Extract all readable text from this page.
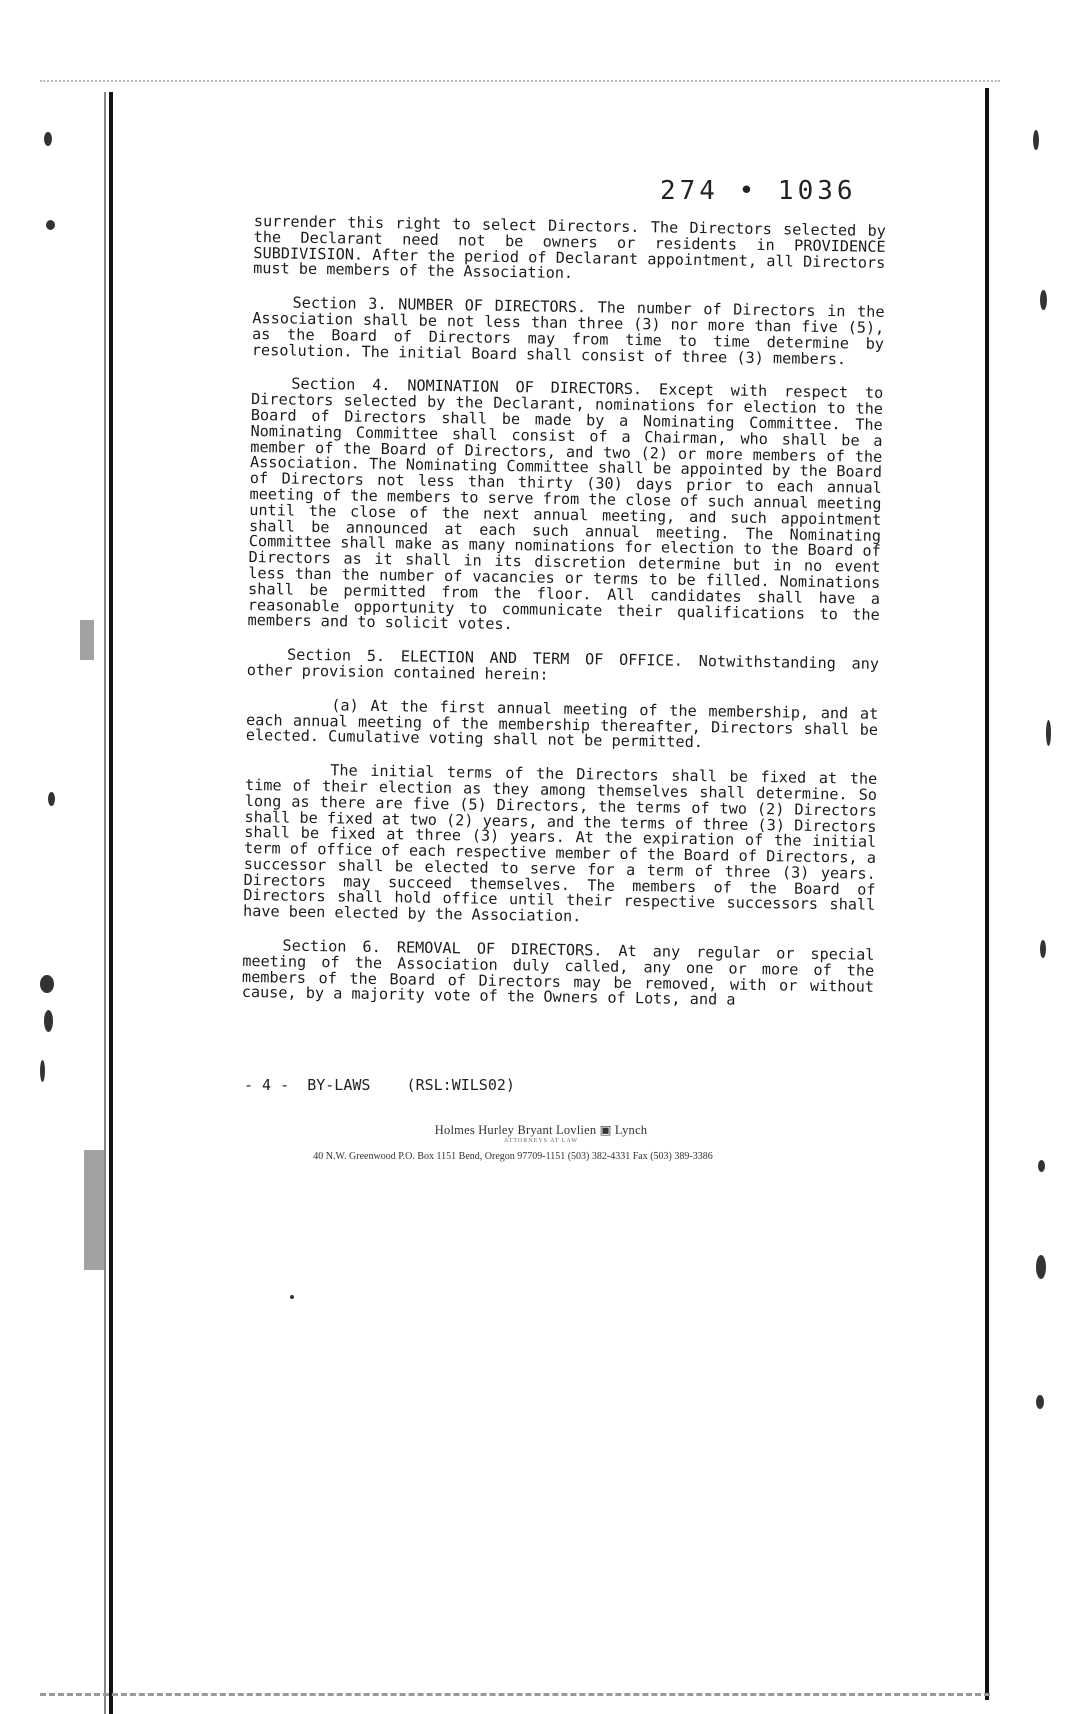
274 • 1036

surrender this right to select Directors. The Directors selected by the Declarant need not be owners or residents in PROVIDENCE SUBDIVISION. After the period of Declarant appointment, all Directors must be members of the Association.

Section 3. NUMBER OF DIRECTORS. The number of Directors in the Association shall be not less than three (3) nor more than five (5), as the Board of Directors may from time to time determine by resolution. The initial Board shall consist of three (3) members.

Section 4. NOMINATION OF DIRECTORS. Except with respect to Directors selected by the Declarant, nominations for election to the Board of Directors shall be made by a Nominating Committee. The Nominating Committee shall consist of a Chairman, who shall be a member of the Board of Directors, and two (2) or more members of the Association. The Nominating Committee shall be appointed by the Board of Directors not less than thirty (30) days prior to each annual meeting of the members to serve from the close of such annual meeting until the close of the next annual meeting, and such appointment shall be announced at each such annual meeting. The Nominating Committee shall make as many nominations for election to the Board of Directors as it shall in its discretion determine but in no event less than the number of vacancies or terms to be filled. Nominations shall be permitted from the floor. All candidates shall have a reasonable opportunity to communicate their qualifications to the members and to solicit votes.

Section 5. ELECTION AND TERM OF OFFICE. Notwithstanding any other provision contained herein:

(a) At the first annual meeting of the membership, and at each annual meeting of the membership thereafter, Directors shall be elected. Cumulative voting shall not be permitted.

The initial terms of the Directors shall be fixed at the time of their election as they among themselves shall determine. So long as there are five (5) Directors, the terms of two (2) Directors shall be fixed at two (2) years, and the terms of three (3) Directors shall be fixed at three (3) years. At the expiration of the initial term of office of each respective member of the Board of Directors, a successor shall be elected to serve for a term of three (3) years. Directors may succeed themselves. The members of the Board of Directors shall hold office until their respective successors shall have been elected by the Association.

Section 6. REMOVAL OF DIRECTORS. At any regular or special meeting of the Association duly called, any one or more of the members of the Board of Directors may be removed, with or without cause, by a majority vote of the Owners of Lots, and a

- 4 -  BY-LAWS    (RSL:WILS02)
Holmes Hurley Bryant Lovlien ▣ Lynch
ATTORNEYS AT LAW
40 N.W. Greenwood P.O. Box 1151 Bend, Oregon 97709-1151 (503) 382-4331 Fax (503) 389-3386
